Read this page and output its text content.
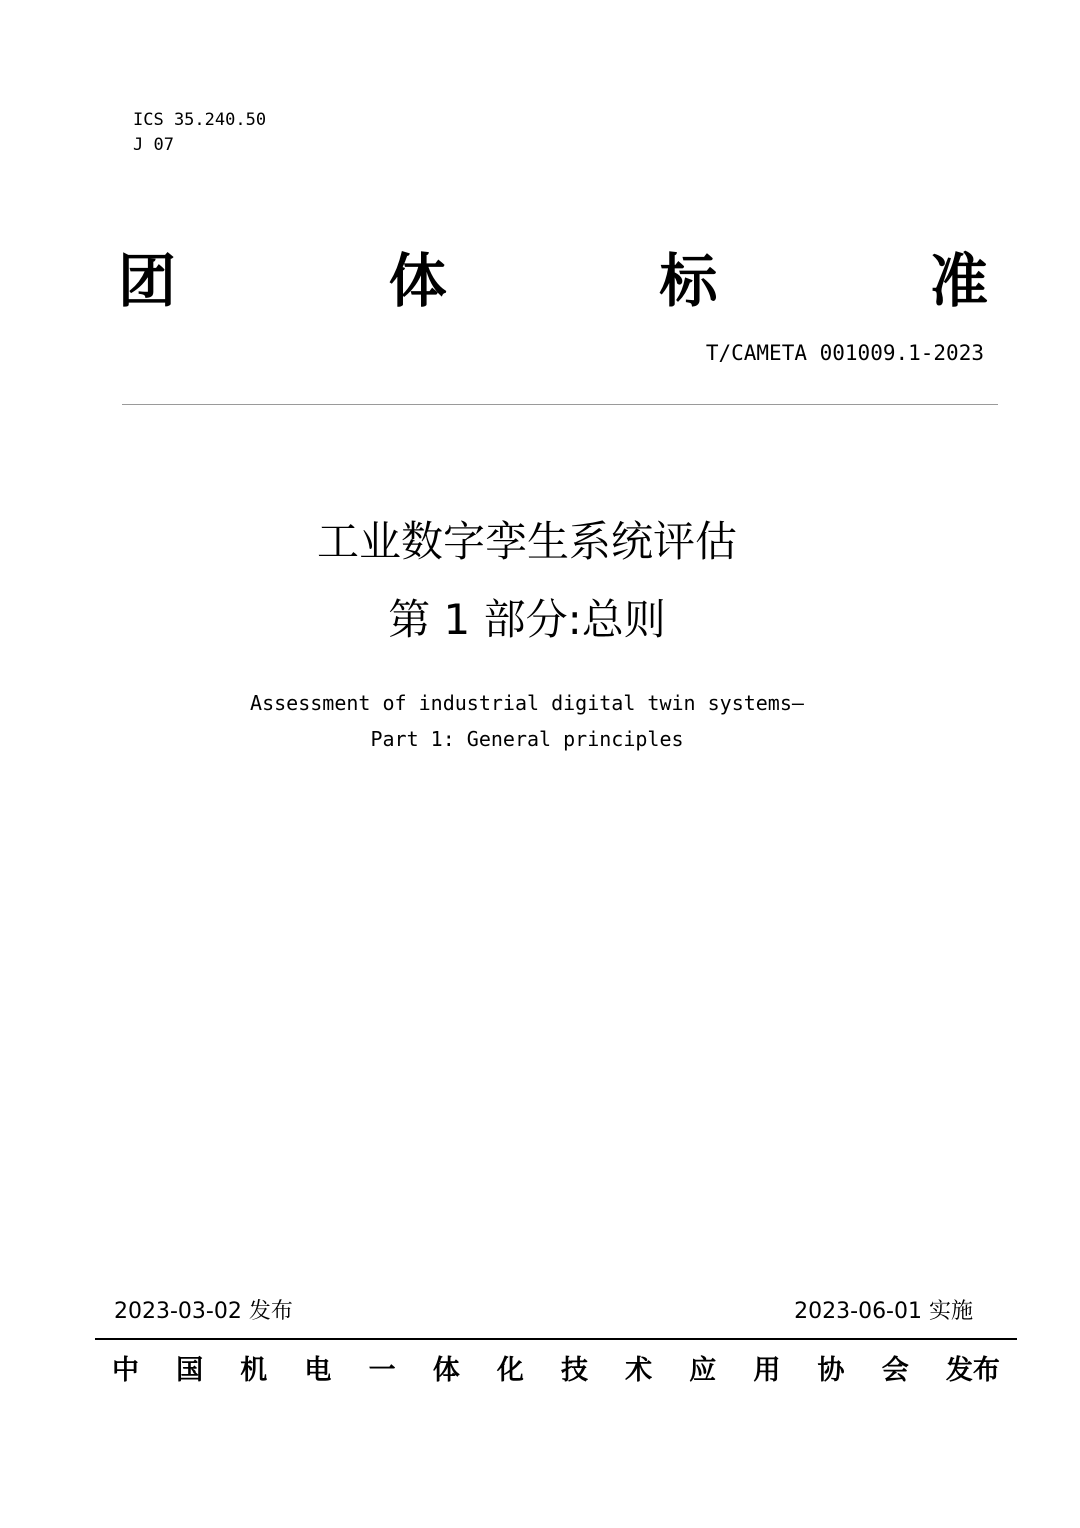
ICS 35.240.50
J 07
团	体	标	准
T/CAMETA 001009.1-2023
工业数字孪生系统评估
第 1 部分:总则
Assessment of industrial digital twin systems—
Part 1: General principles
2023-03-02 发布	2023-06-01 实施
中 国 机 电 一 体 化 技 术 应 用 协 会 发布
